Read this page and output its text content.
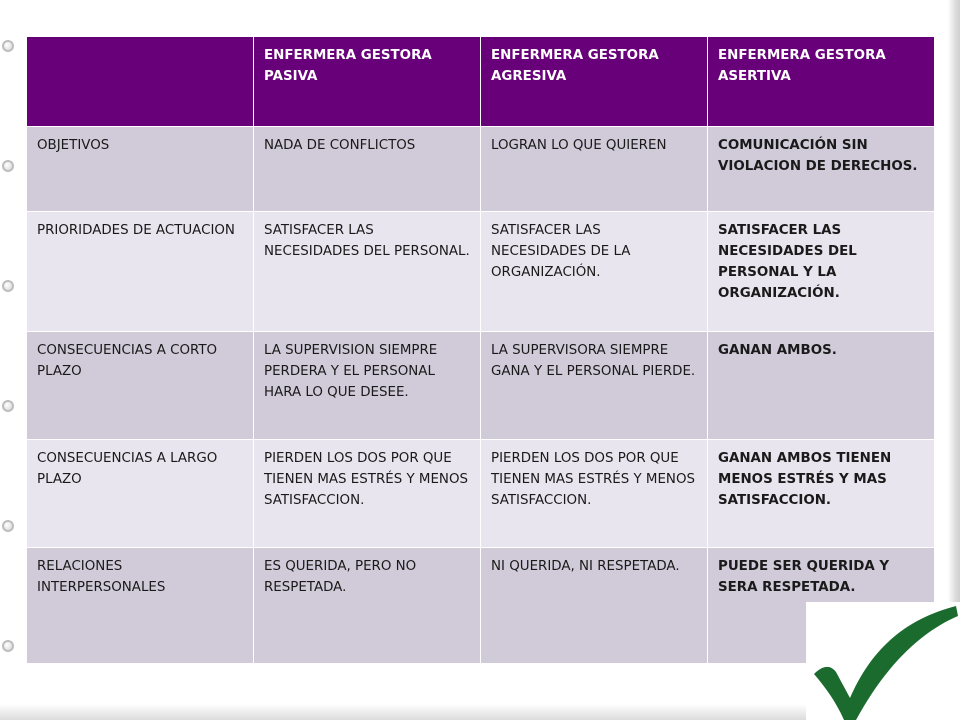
	ENFERMERA GESTORA PASIVA	ENFERMERA GESTORA AGRESIVA	ENFERMERA GESTORA ASERTIVA
OBJETIVOS	NADA DE CONFLICTOS	LOGRAN LO QUE QUIEREN	COMUNICACIÓN SIN VIOLACION DE DERECHOS.
PRIORIDADES DE ACTUACION	SATISFACER LAS NECESIDADES DEL PERSONAL.	SATISFACER LAS NECESIDADES DE LA ORGANIZACIÓN.	SATISFACER LAS NECESIDADES DEL PERSONAL Y LA ORGANIZACIÓN.
CONSECUENCIAS A CORTO PLAZO	LA SUPERVISION SIEMPRE PERDERA Y EL PERSONAL HARA LO QUE DESEE.	LA SUPERVISORA SIEMPRE GANA Y EL PERSONAL PIERDE.	GANAN AMBOS.
CONSECUENCIAS A LARGO PLAZO	PIERDEN LOS DOS POR QUE TIENEN MAS ESTRÉS Y MENOS SATISFACCION.	PIERDEN LOS DOS POR QUE TIENEN MAS ESTRÉS Y MENOS SATISFACCION.	GANAN AMBOS TIENEN MENOS ESTRÉS Y MAS SATISFACCION.
RELACIONES INTERPERSONALES	ES QUERIDA, PERO NO RESPETADA.	NI QUERIDA, NI RESPETADA.	PUEDE SER QUERIDA Y SERA RESPETADA.
